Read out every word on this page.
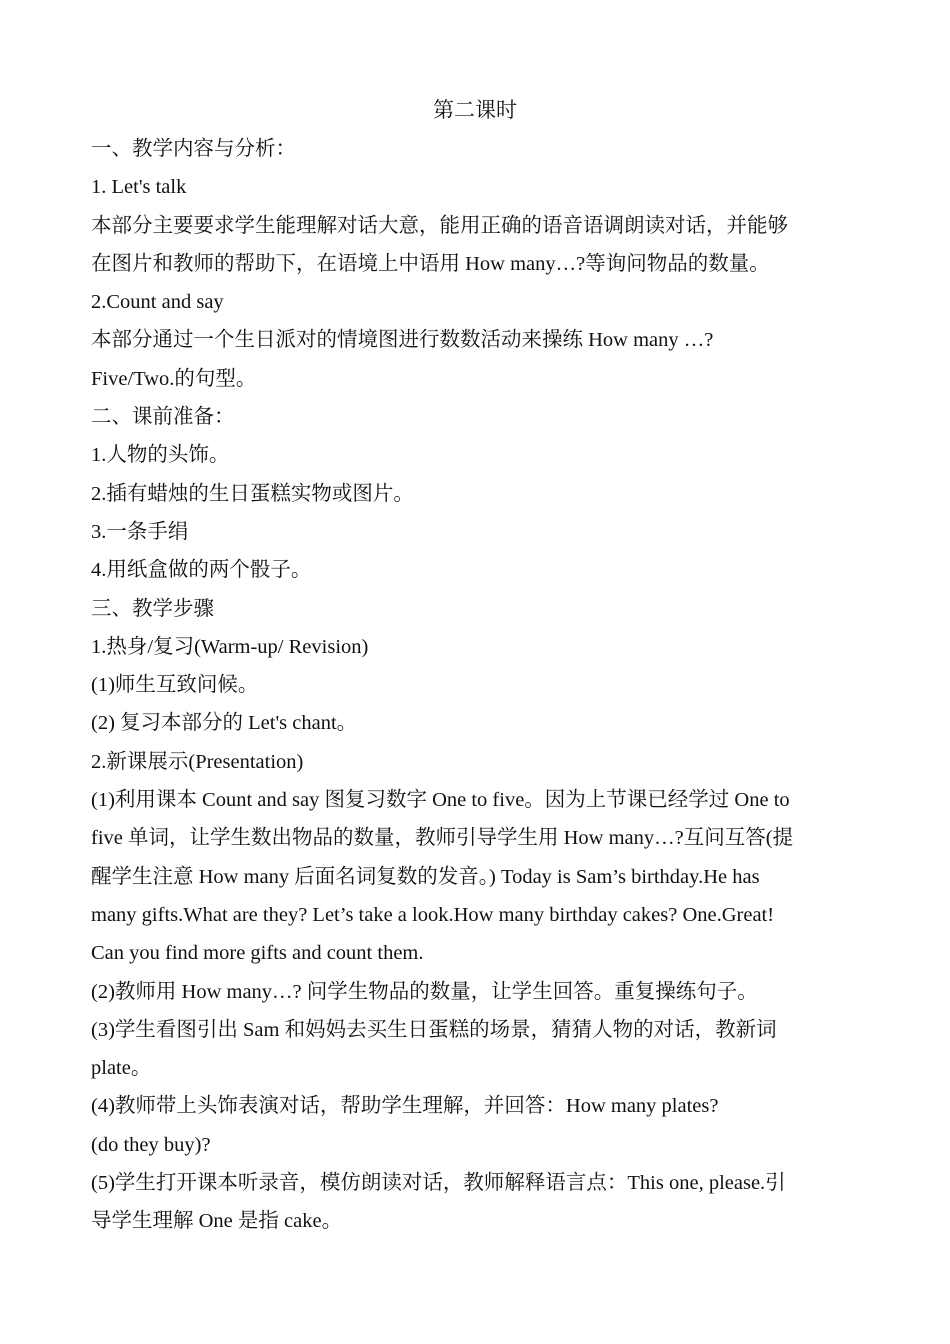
第二课时
一、教学内容与分析：
1. Let's talk
本部分主要要求学生能理解对话大意，能用正确的语音语调朗读对话，并能够
在图片和教师的帮助下，在语境上中语用 How many…?等询问物品的数量。
2.Count and say
本部分通过一个生日派对的情境图进行数数活动来操练 How many …?
Five/Two.的句型。
二、课前准备：
1.人物的头饰。
2.插有蜡烛的生日蛋糕实物或图片。
3.一条手绢
4.用纸盒做的两个骰子。
三、教学步骤
1.热身/复习(Warm-up/ Revision)
(1)师生互致问候。
(2) 复习本部分的 Let's chant。
2.新课展示(Presentation)
(1)利用课本 Count and say 图复习数字 One to five。因为上节课已经学过 One to
five 单词，让学生数出物品的数量，教师引导学生用 How many…?互问互答(提
醒学生注意 How many 后面名词复数的发音。) Today is Sam’s birthday.He has
many gifts.What are they? Let’s take a look.How many birthday cakes? One.Great!
Can you find more gifts and count them.
(2)教师用 How many…? 问学生物品的数量，让学生回答。重复操练句子。
(3)学生看图引出 Sam 和妈妈去买生日蛋糕的场景，猜猜人物的对话，教新词
plate。
(4)教师带上头饰表演对话，帮助学生理解，并回答：How many plates?
(do they buy)?
(5)学生打开课本听录音，模仿朗读对话，教师解释语言点：This one, please.引
导学生理解 One 是指 cake。
